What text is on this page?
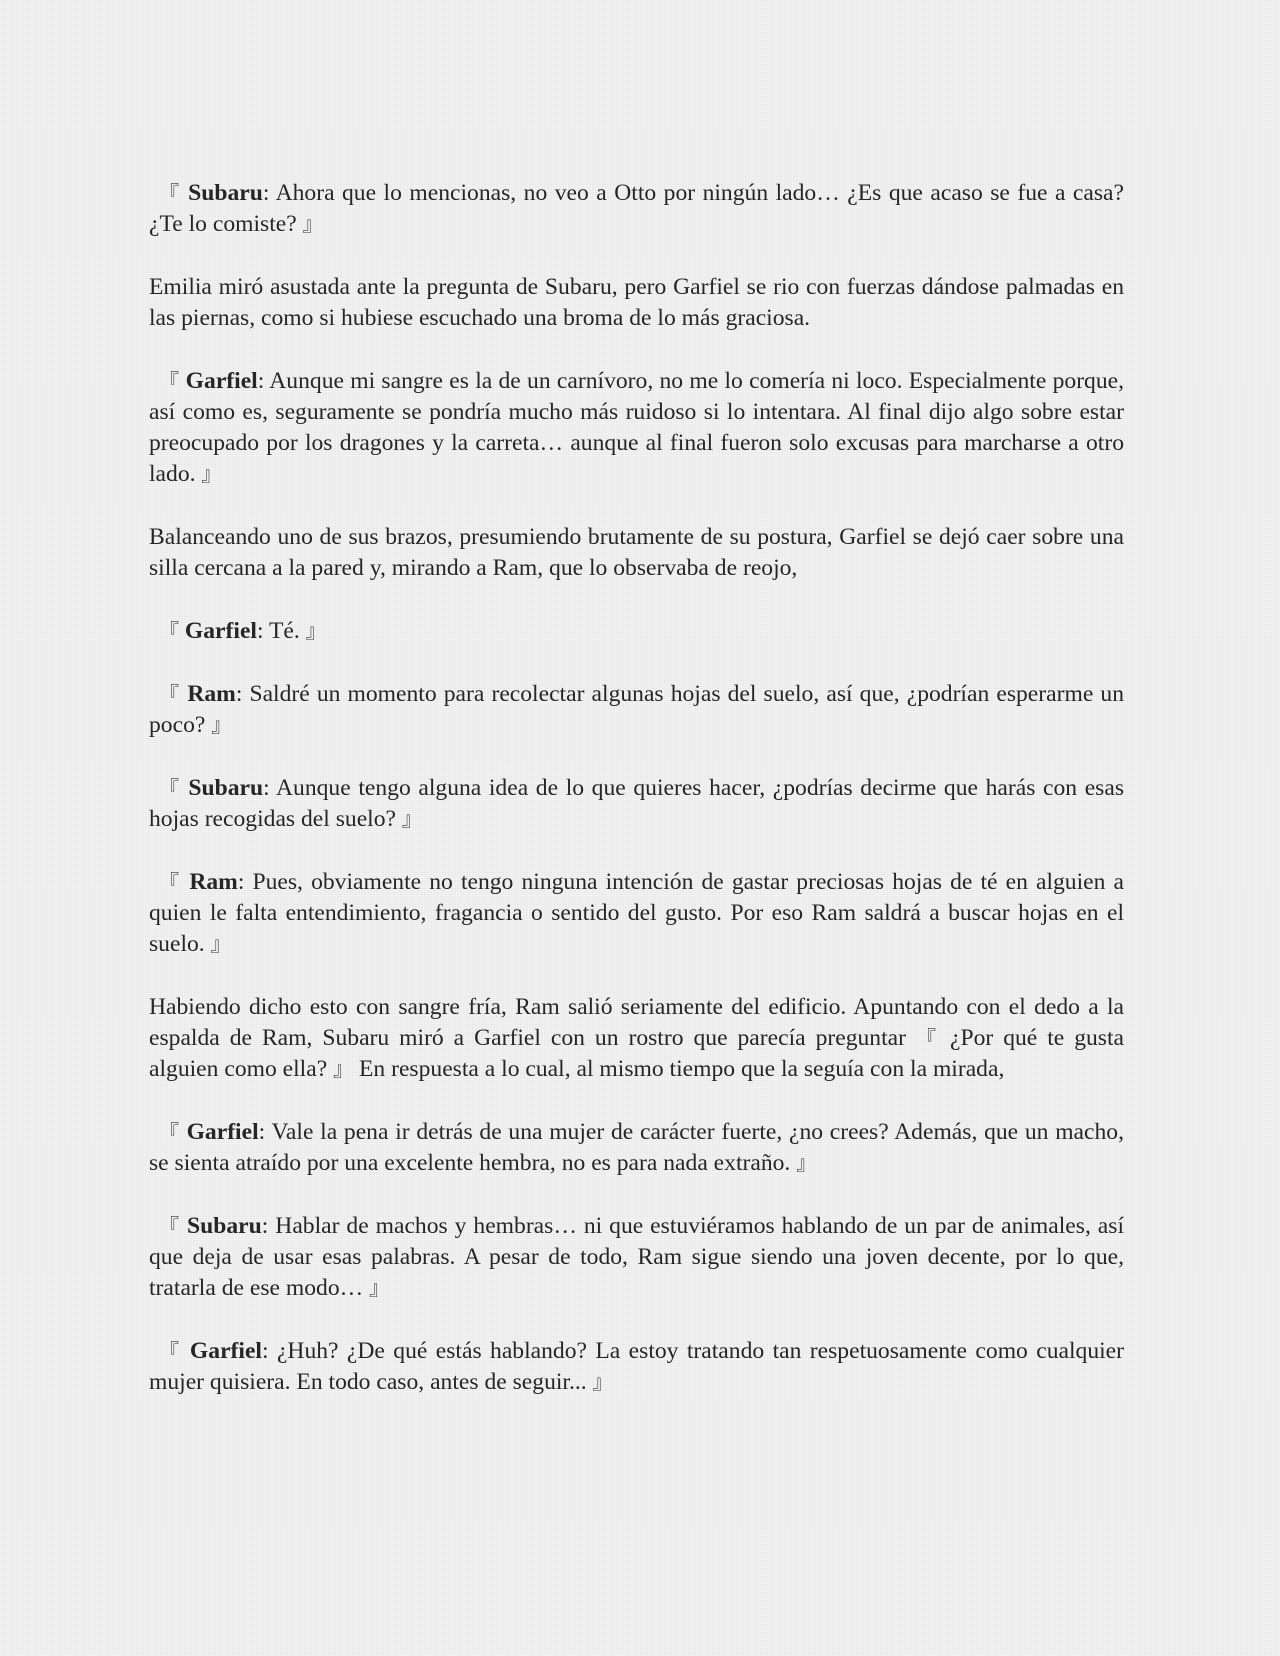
『 Subaru: Ahora que lo mencionas, no veo a Otto por ningún lado… ¿Es que acaso se fue a casa? ¿Te lo comiste? 』

Emilia miró asustada ante la pregunta de Subaru, pero Garfiel se rio con fuerzas dándose palmadas en las piernas, como si hubiese escuchado una broma de lo más graciosa.

『 Garfiel: Aunque mi sangre es la de un carnívoro, no me lo comería ni loco. Especialmente porque, así como es, seguramente se pondría mucho más ruidoso si lo intentara. Al final dijo algo sobre estar preocupado por los dragones y la carreta… aunque al final fueron solo excusas para marcharse a otro lado. 』

Balanceando uno de sus brazos, presumiendo brutamente de su postura, Garfiel se dejó caer sobre una silla cercana a la pared y, mirando a Ram, que lo observaba de reojo,

『 Garfiel: Té. 』

『 Ram: Saldré un momento para recolectar algunas hojas del suelo, así que, ¿podrían esperarme un poco? 』

『 Subaru: Aunque tengo alguna idea de lo que quieres hacer, ¿podrías decirme que harás con esas hojas recogidas del suelo? 』

『 Ram: Pues, obviamente no tengo ninguna intención de gastar preciosas hojas de té en alguien a quien le falta entendimiento, fragancia o sentido del gusto. Por eso Ram saldrá a buscar hojas en el suelo. 』

Habiendo dicho esto con sangre fría, Ram salió seriamente del edificio. Apuntando con el dedo a la espalda de Ram, Subaru miró a Garfiel con un rostro que parecía preguntar 『 ¿Por qué te gusta alguien como ella? 』 En respuesta a lo cual, al mismo tiempo que la seguía con la mirada,

『 Garfiel: Vale la pena ir detrás de una mujer de carácter fuerte, ¿no crees? Además, que un macho, se sienta atraído por una excelente hembra, no es para nada extraño. 』

『 Subaru: Hablar de machos y hembras… ni que estuviéramos hablando de un par de animales, así que deja de usar esas palabras. A pesar de todo, Ram sigue siendo una joven decente, por lo que, tratarla de ese modo… 』

『 Garfiel: ¿Huh? ¿De qué estás hablando? La estoy tratando tan respetuosamente como cualquier mujer quisiera. En todo caso, antes de seguir... 』
